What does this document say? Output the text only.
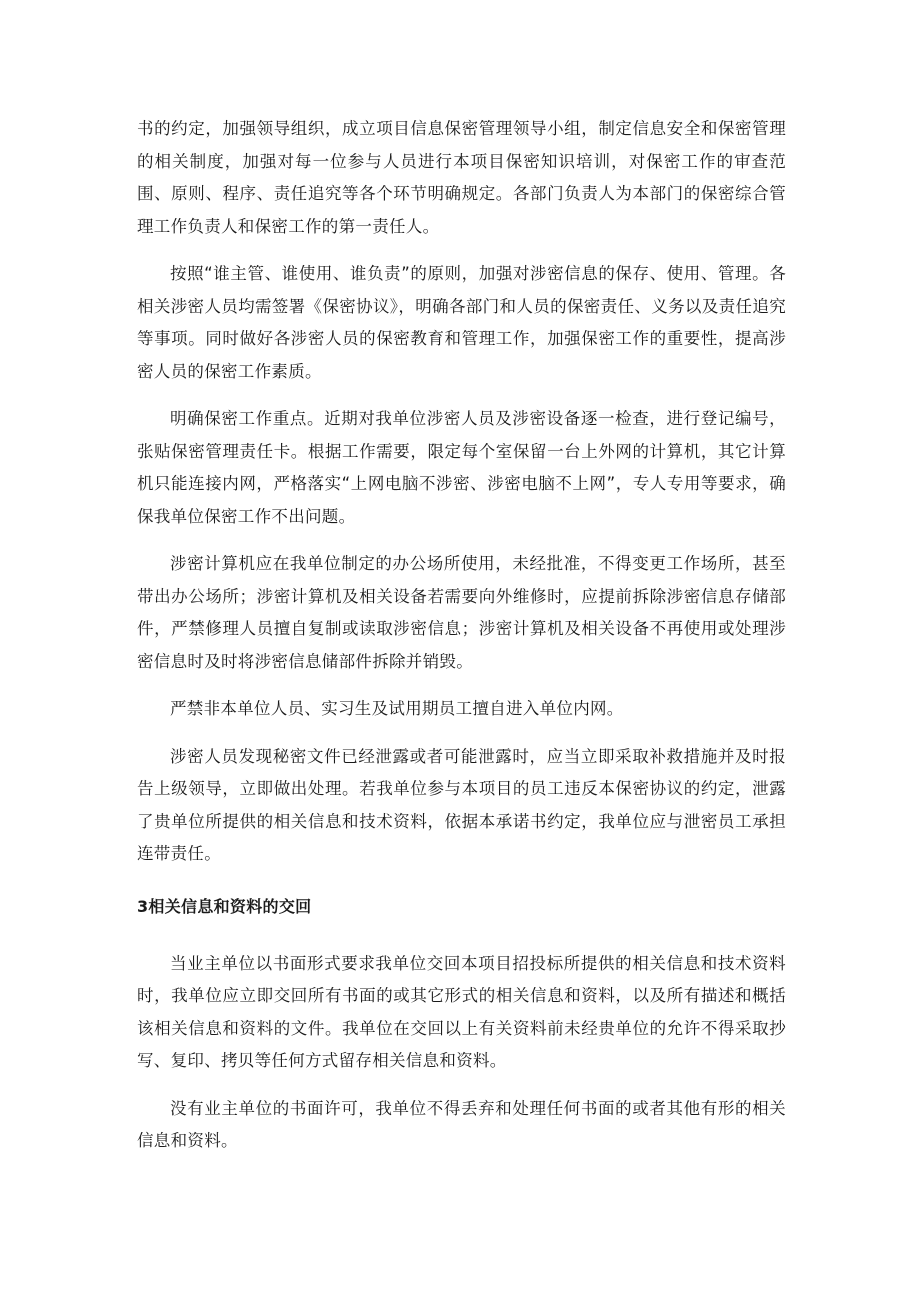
书的约定，加强领导组织，成立项目信息保密管理领导小组，制定信息安全和保密管理的相关制度，加强对每一位参与人员进行本项目保密知识培训，对保密工作的审查范围、原则、程序、责任追究等各个环节明确规定。各部门负责人为本部门的保密综合管理工作负责人和保密工作的第一责任人。

按照“谁主管、谁使用、谁负责”的原则，加强对涉密信息的保存、使用、管理。各相关涉密人员均需签署《保密协议》，明确各部门和人员的保密责任、义务以及责任追究等事项。同时做好各涉密人员的保密教育和管理工作，加强保密工作的重要性，提高涉密人员的保密工作素质。

明确保密工作重点。近期对我单位涉密人员及涉密设备逐一检查，进行登记编号，张贴保密管理责任卡。根据工作需要，限定每个室保留一台上外网的计算机，其它计算机只能连接内网，严格落实“上网电脑不涉密、涉密电脑不上网”，专人专用等要求，确保我单位保密工作不出问题。

涉密计算机应在我单位制定的办公场所使用，未经批准，不得变更工作场所，甚至带出办公场所；涉密计算机及相关设备若需要向外维修时，应提前拆除涉密信息存储部件，严禁修理人员擅自复制或读取涉密信息；涉密计算机及相关设备不再使用或处理涉密信息时及时将涉密信息储部件拆除并销毁。

严禁非本单位人员、实习生及试用期员工擅自进入单位内网。

涉密人员发现秘密文件已经泄露或者可能泄露时，应当立即采取补救措施并及时报告上级领导，立即做出处理。若我单位参与本项目的员工违反本保密协议的约定，泄露了贵单位所提供的相关信息和技术资料，依据本承诺书约定，我单位应与泄密员工承担连带责任。

3相关信息和资料的交回

当业主单位以书面形式要求我单位交回本项目招投标所提供的相关信息和技术资料时，我单位应立即交回所有书面的或其它形式的相关信息和资料，以及所有描述和概括该相关信息和资料的文件。我单位在交回以上有关资料前未经贵单位的允许不得采取抄写、复印、拷贝等任何方式留存相关信息和资料。

没有业主单位的书面许可，我单位不得丢弃和处理任何书面的或者其他有形的相关信息和资料。
